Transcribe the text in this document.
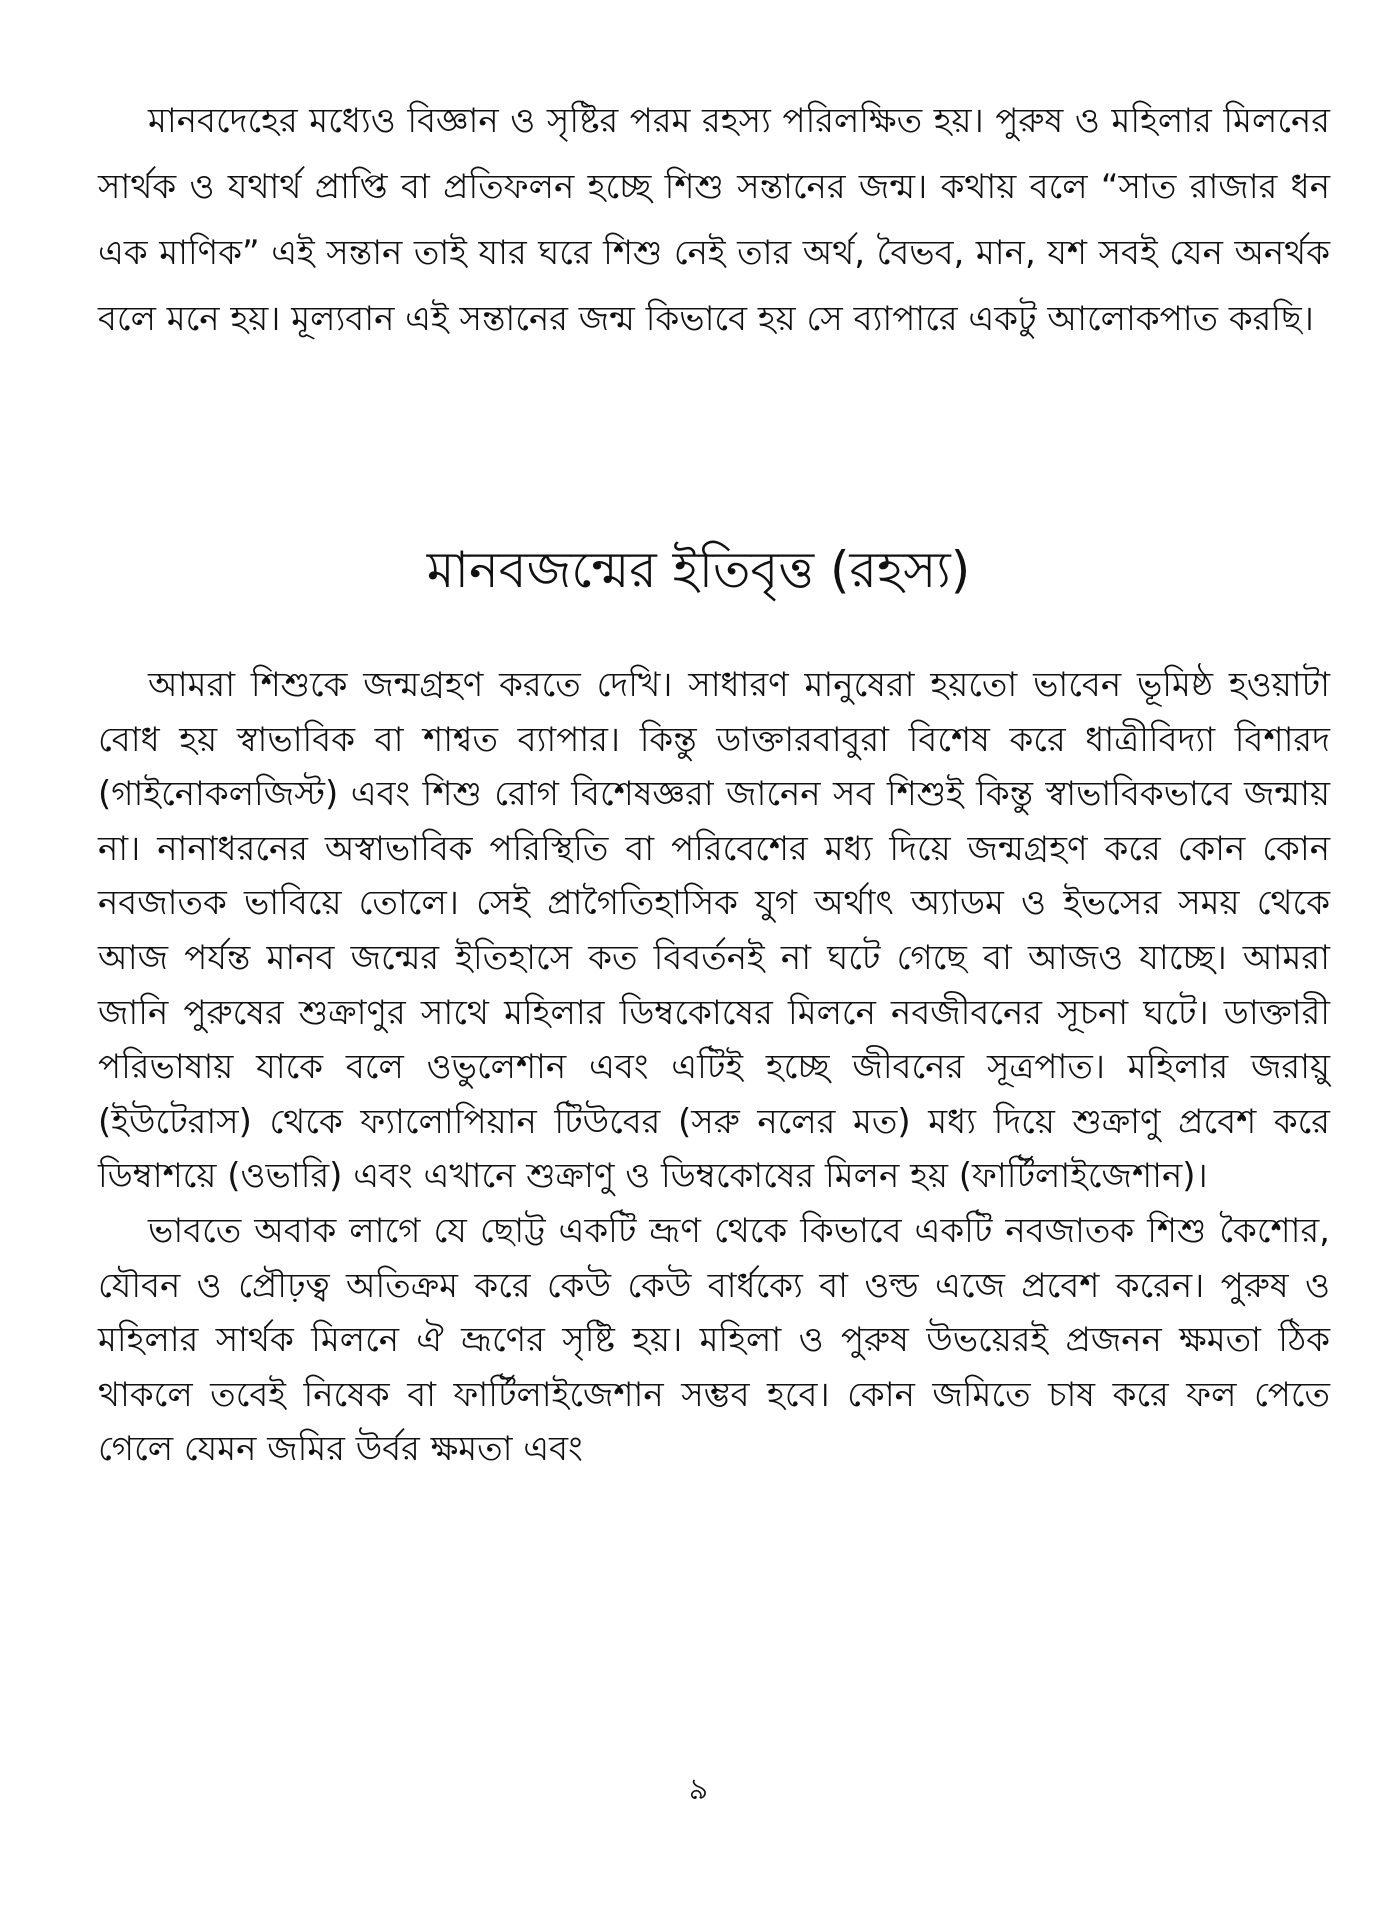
মানবদেহের মধ্যেও বিজ্ঞান ও সৃষ্টির পরম রহস্য পরিলক্ষিত হয়। পুরুষ ও মহিলার মিলনের সার্থক ও যথার্থ প্রাপ্তি বা প্রতিফলন হচ্ছে শিশু সন্তানের জন্ম। কথায় বলে “সাত রাজার ধন এক মাণিক” এই সন্তান তাই যার ঘরে শিশু নেই তার অর্থ, বৈভব, মান, যশ সবই যেন অনর্থক বলে মনে হয়। মূল্যবান এই সন্তানের জন্ম কিভাবে হয় সে ব্যাপারে একটু আলোকপাত করছি।

মানবজন্মের ইতিবৃত্ত (রহস্য)

আমরা শিশুকে জন্মগ্রহণ করতে দেখি। সাধারণ মানুষেরা হয়তো ভাবেন ভূমিষ্ঠ হওয়াটা বোধ হয় স্বাভাবিক বা শাশ্বত ব্যাপার। কিন্তু ডাক্তারবাবুরা বিশেষ করে ধাত্রীবিদ্যা বিশারদ (গাইনোকলজিস্ট) এবং শিশু রোগ বিশেষজ্ঞরা জানেন সব শিশুই কিন্তু স্বাভাবিকভাবে জন্মায় না। নানাধরনের অস্বাভাবিক পরিস্থিতি বা পরিবেশের মধ্য দিয়ে জন্মগ্রহণ করে কোন কোন নবজাতক ভাবিয়ে তোলে। সেই প্রাগৈতিহাসিক যুগ অর্থাৎ অ্যাডম ও ইভসের সময় থেকে আজ পর্যন্ত মানব জন্মের ইতিহাসে কত বিবর্তনই না ঘটে গেছে বা আজও যাচ্ছে। আমরা জানি পুরুষের শুক্রাণুর সাথে মহিলার ডিম্বকোষের মিলনে নবজীবনের সূচনা ঘটে। ডাক্তারী পরিভাষায় যাকে বলে ওভুলেশান এবং এটিই হচ্ছে জীবনের সূত্রপাত। মহিলার জরায়ু (ইউটেরাস) থেকে ফ্যালোপিয়ান টিউবের (সরু নলের মত) মধ্য দিয়ে শুক্রাণু প্রবেশ করে ডিম্বাশয়ে (ওভারি) এবং এখানে শুক্রাণু ও ডিম্বকোষের মিলন হয় (ফার্টিলাইজেশান)।

ভাবতে অবাক লাগে যে ছোট্ট একটি ভ্রূণ থেকে কিভাবে একটি নবজাতক শিশু কৈশোর, যৌবন ও প্রৌঢ়ত্ব অতিক্রম করে কেউ কেউ বার্ধক্যে বা ওল্ড এজে প্রবেশ করেন। পুরুষ ও মহিলার সার্থক মিলনে ঐ ভ্রূণের সৃষ্টি হয়। মহিলা ও পুরুষ উভয়েরই প্রজনন ক্ষমতা ঠিক থাকলে তবেই নিষেক বা ফার্টিলাইজেশান সম্ভব হবে। কোন জমিতে চাষ করে ফল পেতে গেলে যেমন জমির উর্বর ক্ষমতা এবং

৯
